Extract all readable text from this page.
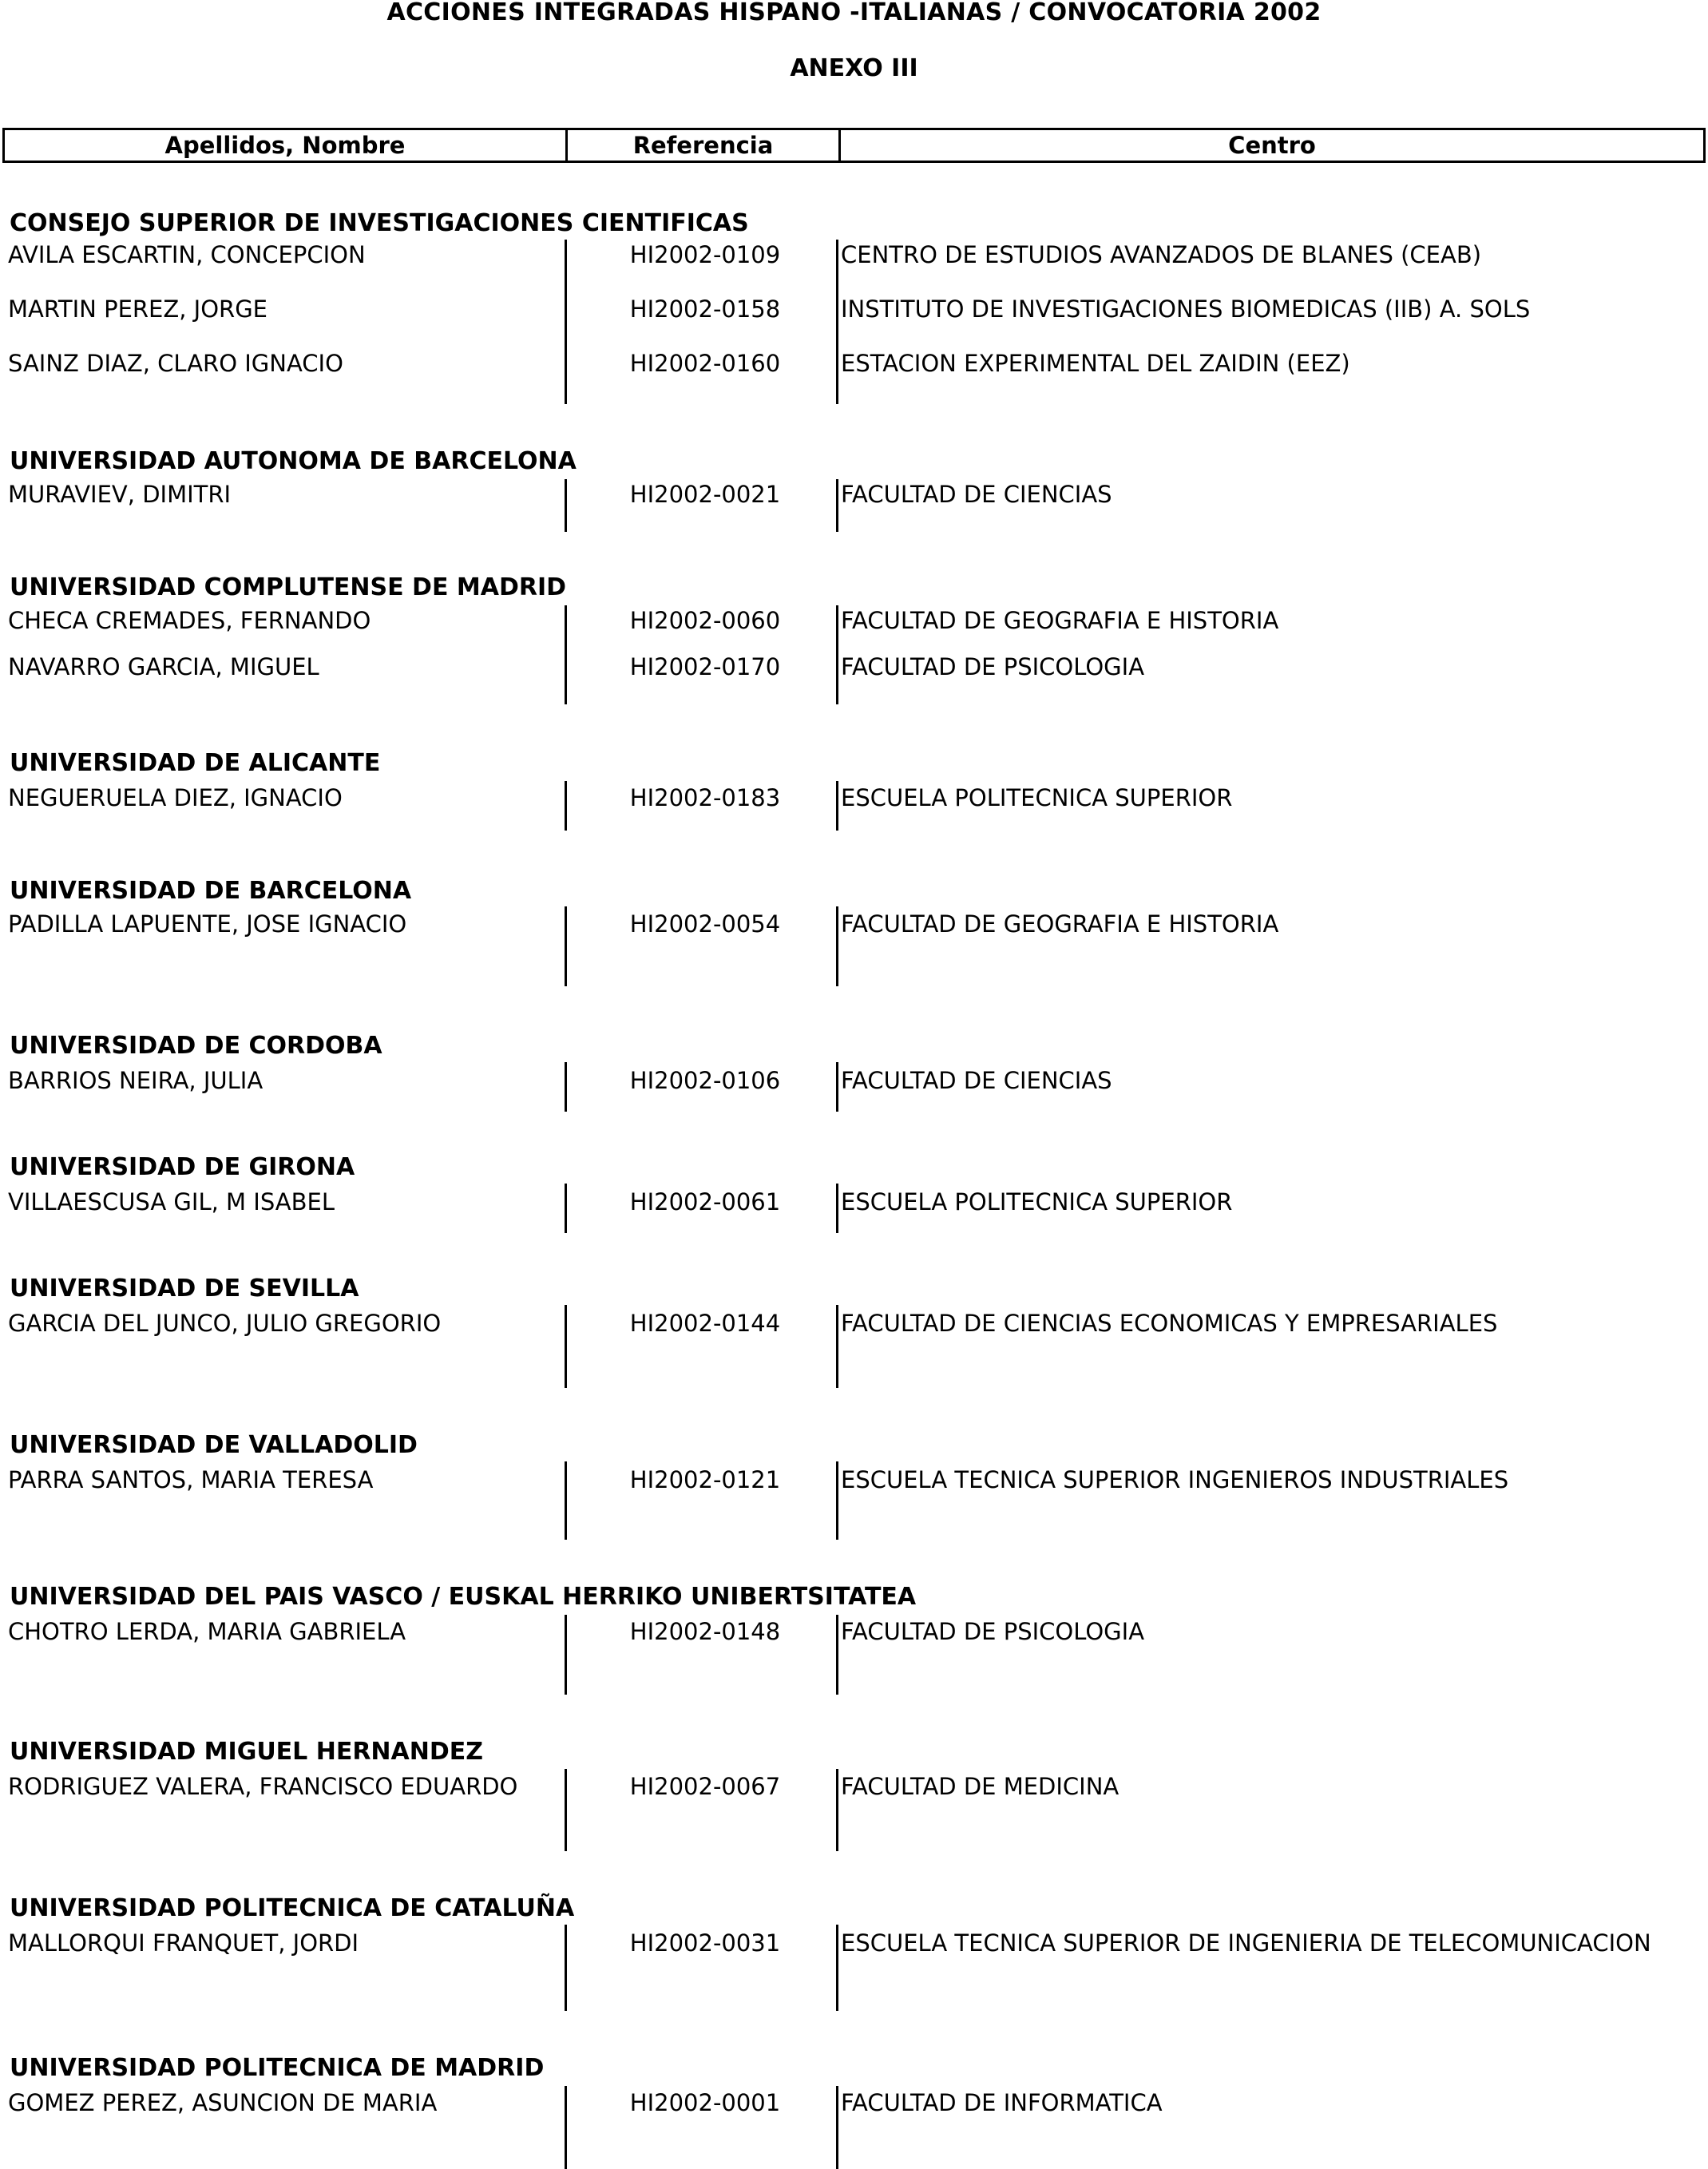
ACCIONES INTEGRADAS HISPANO -ITALIANAS / CONVOCATORIA 2002
ANEXO III
Apellidos, Nombre	Referencia	Centro
CONSEJO SUPERIOR DE INVESTIGACIONES CIENTIFICAS
AVILA ESCARTIN, CONCEPCION	HI2002-0109	CENTRO DE ESTUDIOS AVANZADOS DE BLANES (CEAB)
MARTIN PEREZ, JORGE	HI2002-0158	INSTITUTO DE INVESTIGACIONES BIOMEDICAS (IIB) A. SOLS
SAINZ DIAZ, CLARO IGNACIO	HI2002-0160	ESTACION EXPERIMENTAL DEL ZAIDIN (EEZ)
UNIVERSIDAD AUTONOMA DE BARCELONA
MURAVIEV, DIMITRI	HI2002-0021	FACULTAD DE CIENCIAS
UNIVERSIDAD COMPLUTENSE DE MADRID
CHECA CREMADES, FERNANDO	HI2002-0060	FACULTAD DE GEOGRAFIA E HISTORIA
NAVARRO GARCIA, MIGUEL	HI2002-0170	FACULTAD DE PSICOLOGIA
UNIVERSIDAD DE ALICANTE
NEGUERUELA DIEZ, IGNACIO	HI2002-0183	ESCUELA POLITECNICA SUPERIOR
UNIVERSIDAD DE BARCELONA
PADILLA LAPUENTE, JOSE IGNACIO	HI2002-0054	FACULTAD DE GEOGRAFIA E HISTORIA
UNIVERSIDAD DE CORDOBA
BARRIOS NEIRA, JULIA	HI2002-0106	FACULTAD DE CIENCIAS
UNIVERSIDAD DE GIRONA
VILLAESCUSA GIL, M ISABEL	HI2002-0061	ESCUELA POLITECNICA SUPERIOR
UNIVERSIDAD DE SEVILLA
GARCIA DEL JUNCO, JULIO GREGORIO	HI2002-0144	FACULTAD DE CIENCIAS ECONOMICAS Y EMPRESARIALES
UNIVERSIDAD DE VALLADOLID
PARRA SANTOS, MARIA TERESA	HI2002-0121	ESCUELA TECNICA SUPERIOR INGENIEROS INDUSTRIALES
UNIVERSIDAD DEL PAIS VASCO / EUSKAL HERRIKO UNIBERTSITATEA
CHOTRO LERDA, MARIA GABRIELA	HI2002-0148	FACULTAD DE PSICOLOGIA
UNIVERSIDAD MIGUEL HERNANDEZ
RODRIGUEZ VALERA, FRANCISCO EDUARDO	HI2002-0067	FACULTAD DE MEDICINA
UNIVERSIDAD POLITECNICA DE CATALUÑA
MALLORQUI FRANQUET, JORDI	HI2002-0031	ESCUELA TECNICA SUPERIOR DE INGENIERIA DE TELECOMUNICACION
UNIVERSIDAD POLITECNICA DE MADRID
GOMEZ PEREZ, ASUNCION DE MARIA	HI2002-0001	FACULTAD DE INFORMATICA
